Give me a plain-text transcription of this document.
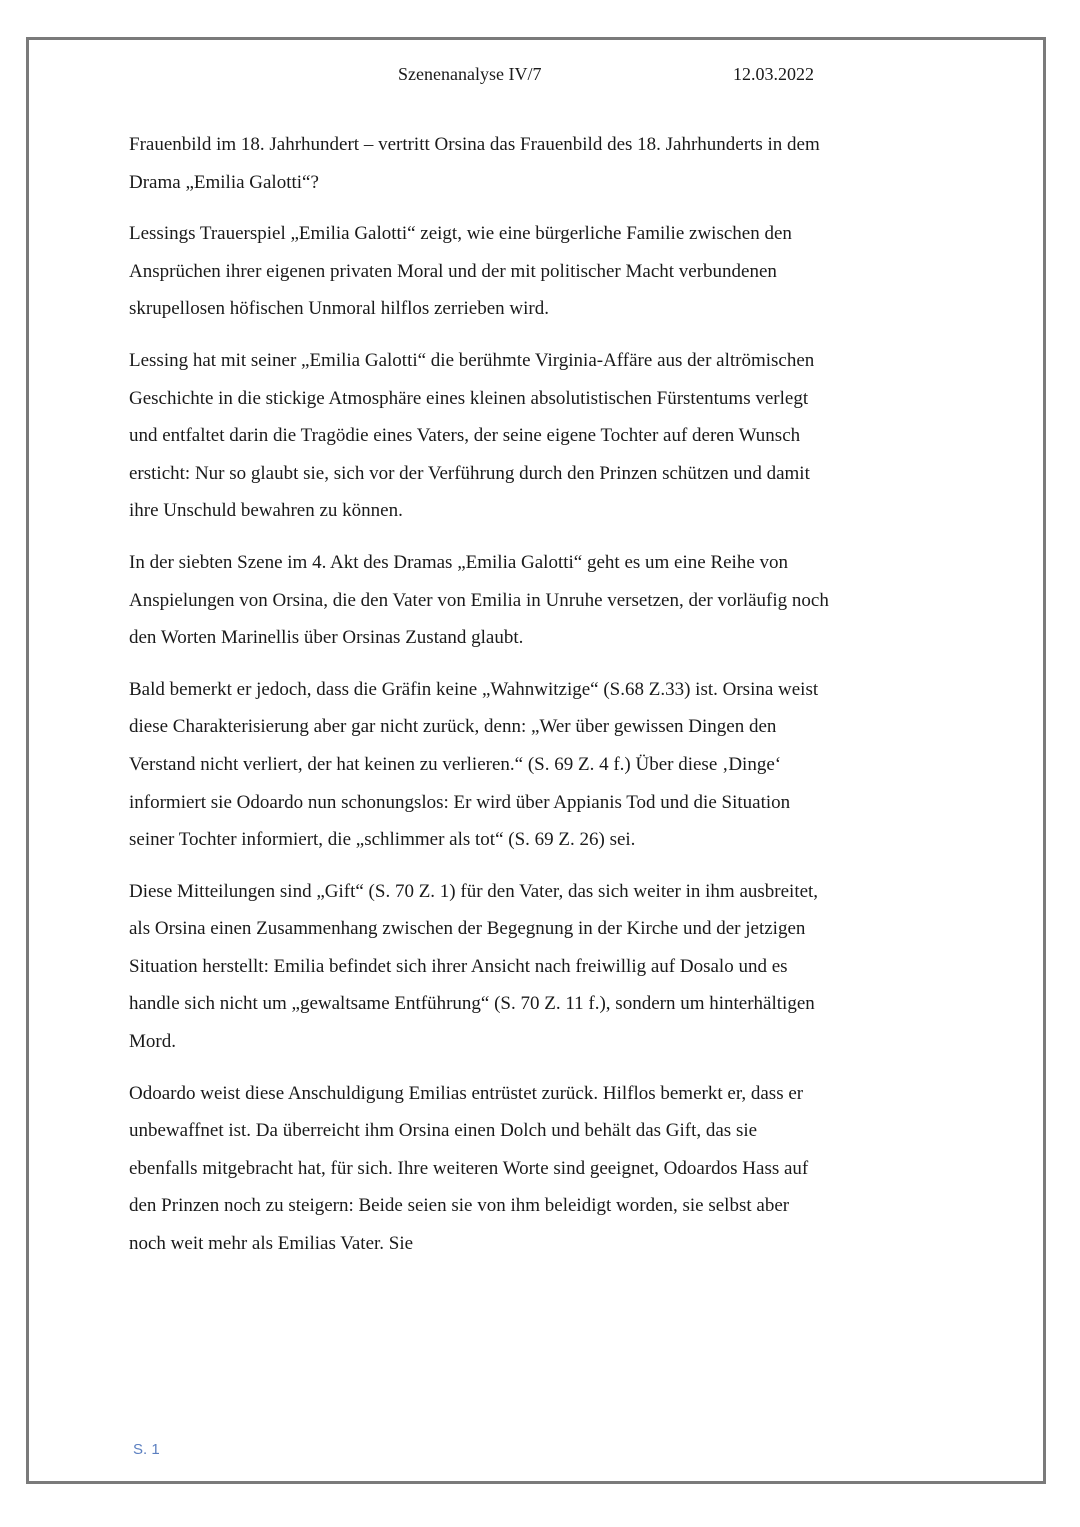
Szenenanalyse IV/7	12.03.2022

Frauenbild im 18. Jahrhundert – vertritt Orsina das Frauenbild des 18. Jahrhunderts in dem Drama „Emilia Galotti“?

Lessings Trauerspiel „Emilia Galotti“ zeigt, wie eine bürgerliche Familie zwischen den Ansprüchen ihrer eigenen privaten Moral und der mit politischer Macht verbundenen skrupellosen höfischen Unmoral hilflos zerrieben wird.

Lessing hat mit seiner „Emilia Galotti“ die berühmte Virginia-Affäre aus der altrömischen Geschichte in die stickige Atmosphäre eines kleinen absolutistischen Fürstentums verlegt und entfaltet darin die Tragödie eines Vaters, der seine eigene Tochter auf deren Wunsch ersticht: Nur so glaubt sie, sich vor der Verführung durch den Prinzen schützen und damit ihre Unschuld bewahren zu können.

In der siebten Szene im 4. Akt des Dramas „Emilia Galotti“ geht es um eine Reihe von Anspielungen von Orsina, die den Vater von Emilia in Unruhe versetzen, der vorläufig noch den Worten Marinellis über Orsinas Zustand glaubt.

Bald bemerkt er jedoch, dass die Gräfin keine „Wahnwitzige“ (S.68 Z.33) ist. Orsina weist diese Charakterisierung aber gar nicht zurück, denn: „Wer über gewissen Dingen den Verstand nicht verliert, der hat keinen zu verlieren.“ (S. 69 Z. 4 f.) Über diese ‚Dinge‘ informiert sie Odoardo nun schonungslos: Er wird über Appianis Tod und die Situation seiner Tochter informiert, die „schlimmer als tot“ (S. 69 Z. 26) sei.

Diese Mitteilungen sind „Gift“ (S. 70 Z. 1) für den Vater, das sich weiter in ihm ausbreitet, als Orsina einen Zusammenhang zwischen der Begegnung in der Kirche und der jetzigen Situation herstellt: Emilia befindet sich ihrer Ansicht nach freiwillig auf Dosalo und es handle sich nicht um „gewaltsame Entführung“ (S. 70 Z. 11 f.), sondern um hinterhältigen Mord.

Odoardo weist diese Anschuldigung Emilias entrüstet zurück. Hilflos bemerkt er, dass er unbewaffnet ist. Da überreicht ihm Orsina einen Dolch und behält das Gift, das sie ebenfalls mitgebracht hat, für sich. Ihre weiteren Worte sind geeignet, Odoardos Hass auf den Prinzen noch zu steigern: Beide seien sie von ihm beleidigt worden, sie selbst aber noch weit mehr als Emilias Vater. Sie

S. 1
